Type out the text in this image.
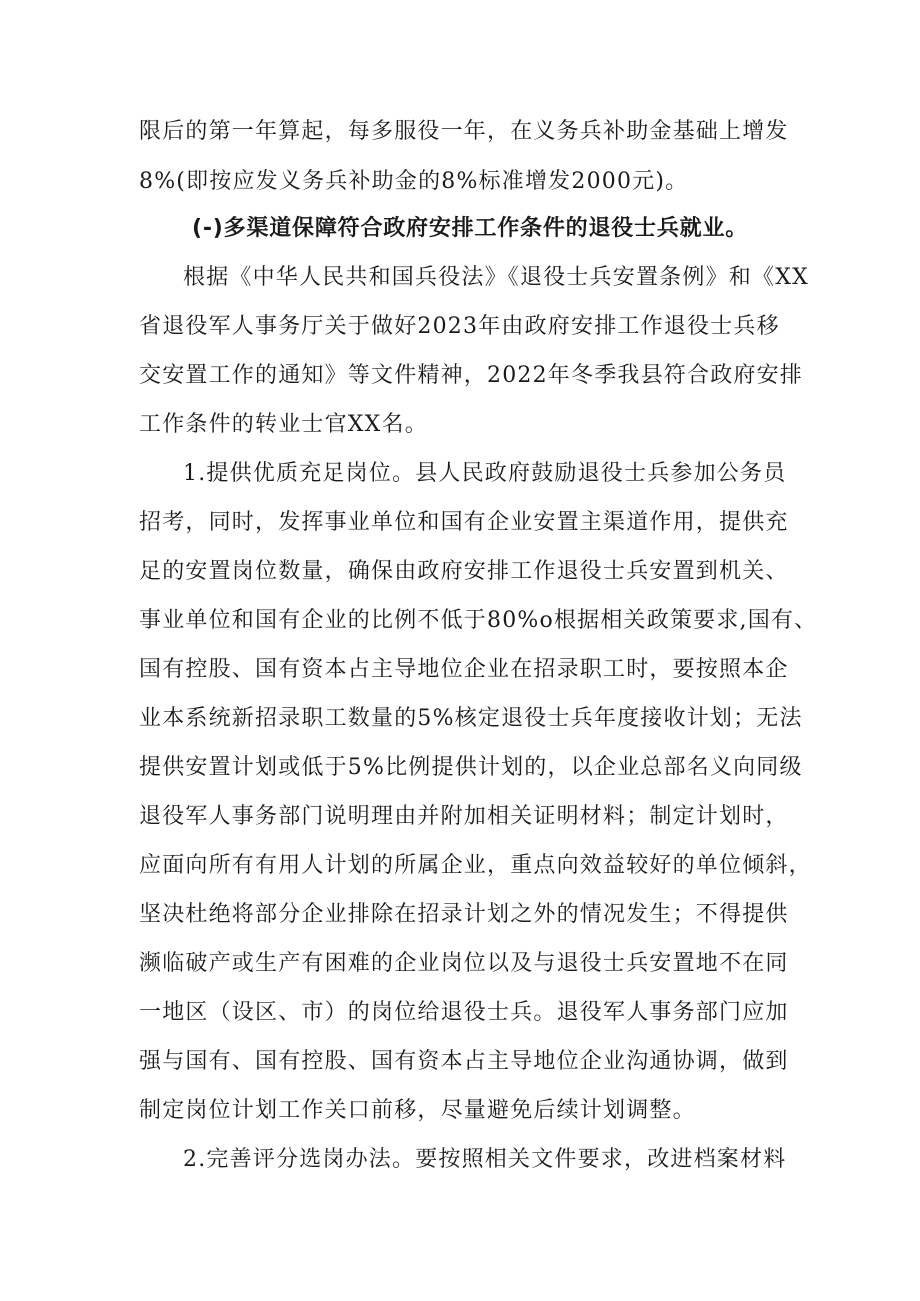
限后的第一年算起，每多服役一年，在义务兵补助金基础上增发
8%(即按应发义务兵补助金的8%标准增发2000元)。
(-)多渠道保障符合政府安排工作条件的退役士兵就业。
根据《中华人民共和国兵役法》《退役士兵安置条例》和《XX
省退役军人事务厅关于做好2023年由政府安排工作退役士兵移
交安置工作的通知》等文件精神，2022年冬季我县符合政府安排
工作条件的转业士官XX名。
1.提供优质充足岗位。县人民政府鼓励退役士兵参加公务员
招考，同时，发挥事业单位和国有企业安置主渠道作用，提供充
足的安置岗位数量，确保由政府安排工作退役士兵安置到机关、
事业单位和国有企业的比例不低于80%o根据相关政策要求,国有、
国有控股、国有资本占主导地位企业在招录职工时，要按照本企
业本系统新招录职工数量的5%核定退役士兵年度接收计划；无法
提供安置计划或低于5%比例提供计划的，以企业总部名义向同级
退役军人事务部门说明理由并附加相关证明材料；制定计划时，
应面向所有有用人计划的所属企业，重点向效益较好的单位倾斜，
坚决杜绝将部分企业排除在招录计划之外的情况发生；不得提供
濒临破产或生产有困难的企业岗位以及与退役士兵安置地不在同
一地区（设区、市）的岗位给退役士兵。退役军人事务部门应加
强与国有、国有控股、国有资本占主导地位企业沟通协调，做到
制定岗位计划工作关口前移，尽量避免后续计划调整。
2.完善评分选岗办法。要按照相关文件要求，改进档案材料
